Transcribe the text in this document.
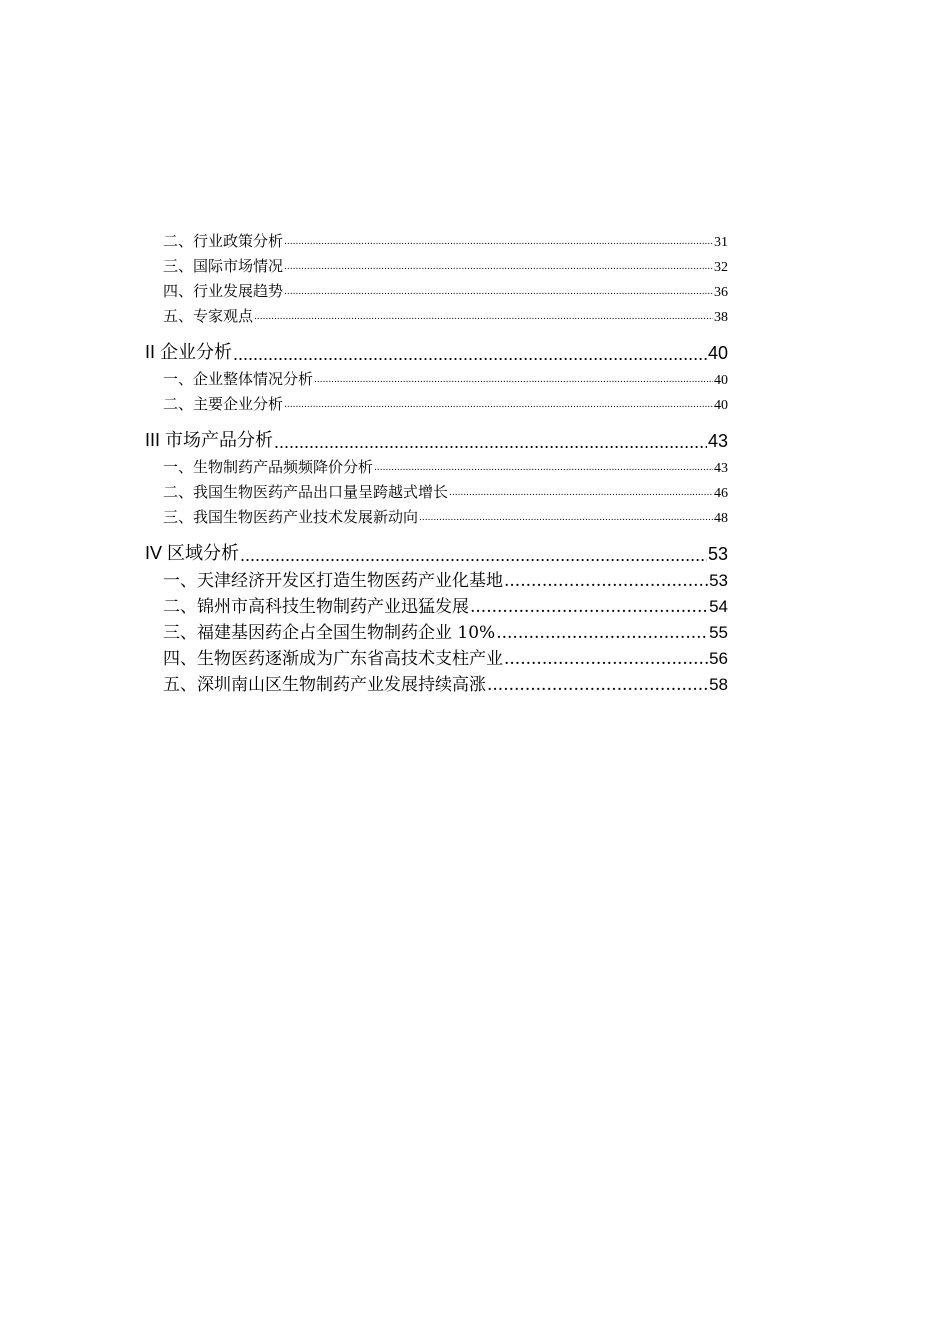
二、行业政策分析 .....	31
三、国际市场情况 .....	32
四、行业发展趋势 .....	36
五、专家观点 .....	38
II 企业分析 .....	40
一、企业整体情况分析 .....	40
二、主要企业分析 .....	40
III 市场产品分析 .....	43
一、生物制药产品频频降价分析 .....	43
二、我国生物医药产品出口量呈跨越式增长 .....	46
三、我国生物医药产业技术发展新动向 .....	48
IV 区域分析 .....	53
一、天津经济开发区打造生物医药产业化基地 .....	53
二、锦州市高科技生物制药产业迅猛发展 .....	54
三、福建基因药企占全国生物制药企业 10% .....	55
四、生物医药逐渐成为广东省高技术支柱产业 .....	56
五、深圳南山区生物制药产业发展持续高涨 .....	58
